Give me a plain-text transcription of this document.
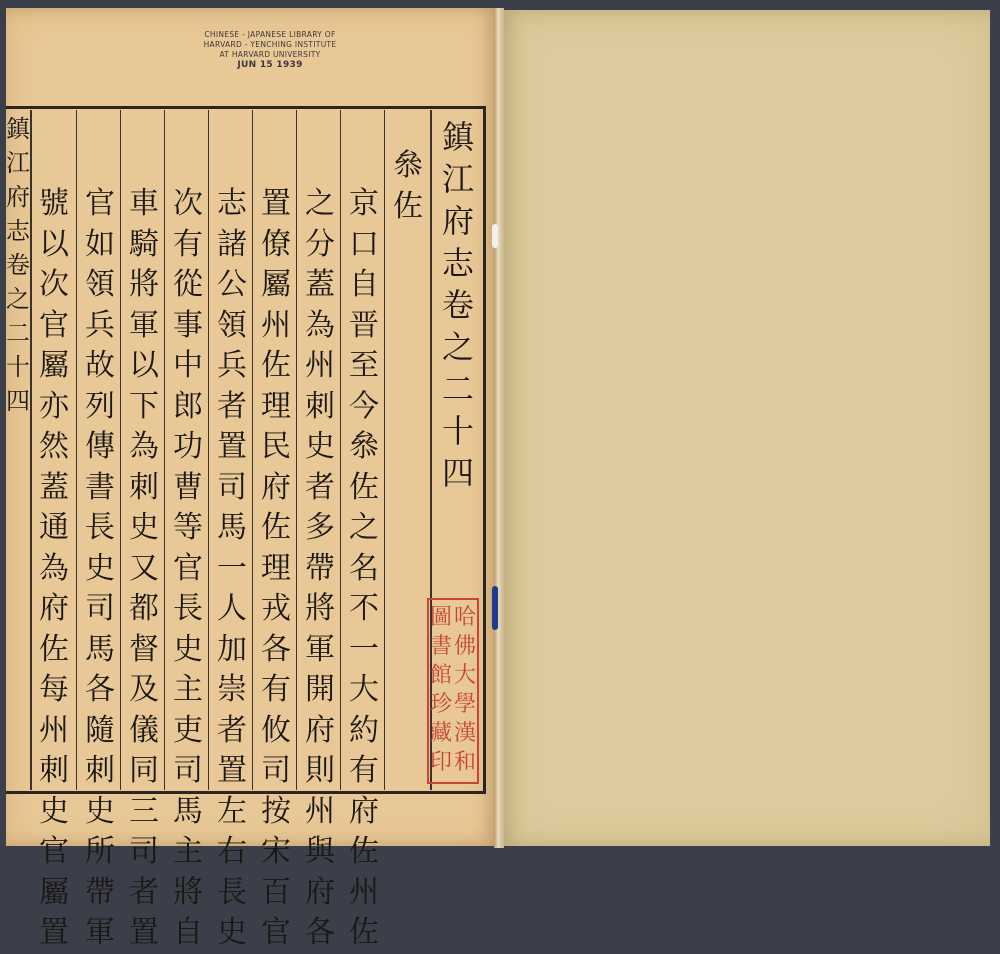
CHINESE - JAPANESE LIBRARY OF
HARVARD - YENCHING INSTITUTE
AT HARVARD UNIVERSITY
JUN 15 1939
鎮江府志卷之二十四
鎮江府志卷之二十四
叅佐
京口自晋至今叅佐之名不一大約有府佐州佐
之分蓋為州刺史者多帶將軍開府則州與府各
置僚屬州佐理民府佐理戎各有攸司按宋百官
志諸公領兵者置司馬一人加崇者置左右長史
次有從事中郎功曹等官長史主吏司馬主將自
車騎將軍以下為刺史又都督及儀同三司者置
官如領兵故列傳書長史司馬各隨刺史所帶軍
號以次官屬亦然蓋通為府佐每州刺史官屬置
哈
佛
大
學
漢
和
圖
書
館
珍
藏
印
